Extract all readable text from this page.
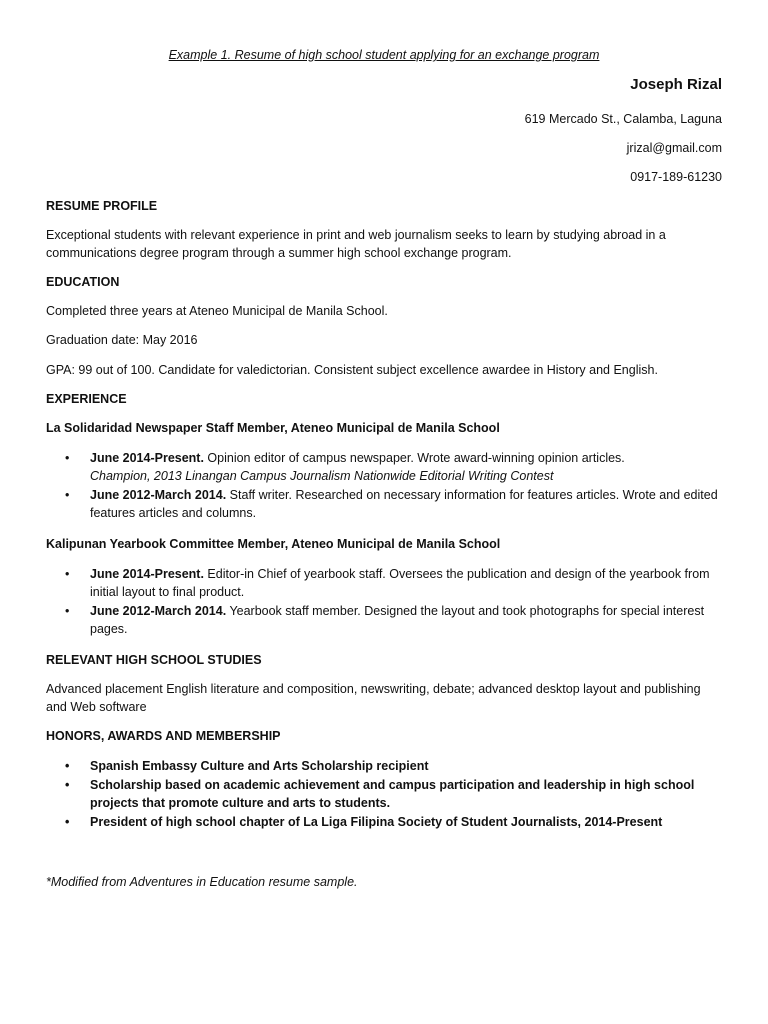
Example 1. Resume of high school student applying for an exchange program
Joseph Rizal
619 Mercado St., Calamba, Laguna
jrizal@gmail.com
0917-189-61230
RESUME PROFILE
Exceptional students with relevant experience in print and web journalism seeks to learn by studying abroad in a communications degree program through a summer high school exchange program.
EDUCATION
Completed three years at Ateneo Municipal de Manila School.
Graduation date: May 2016
GPA: 99 out of 100. Candidate for valedictorian. Consistent subject excellence awardee in History and English.
EXPERIENCE
La Solidaridad Newspaper Staff Member, Ateneo Municipal de Manila School
• June 2014-Present. Opinion editor of campus newspaper. Wrote award-winning opinion articles.
Champion, 2013 Linangan Campus Journalism Nationwide Editorial Writing Contest
• June 2012-March 2014. Staff writer. Researched on necessary information for features articles. Wrote and edited features articles and columns.
Kalipunan Yearbook Committee Member, Ateneo Municipal de Manila School
• June 2014-Present. Editor-in Chief of yearbook staff. Oversees the publication and design of the yearbook from initial layout to final product.
• June 2012-March 2014. Yearbook staff member. Designed the layout and took photographs for special interest pages.
RELEVANT HIGH SCHOOL STUDIES
Advanced placement English literature and composition, newswriting, debate; advanced desktop layout and publishing and Web software
HONORS, AWARDS AND MEMBERSHIP
• Spanish Embassy Culture and Arts Scholarship recipient
• Scholarship based on academic achievement and campus participation and leadership in high school projects that promote culture and arts to students.
• President of high school chapter of La Liga Filipina Society of Student Journalists, 2014-Present
*Modified from Adventures in Education resume sample.
